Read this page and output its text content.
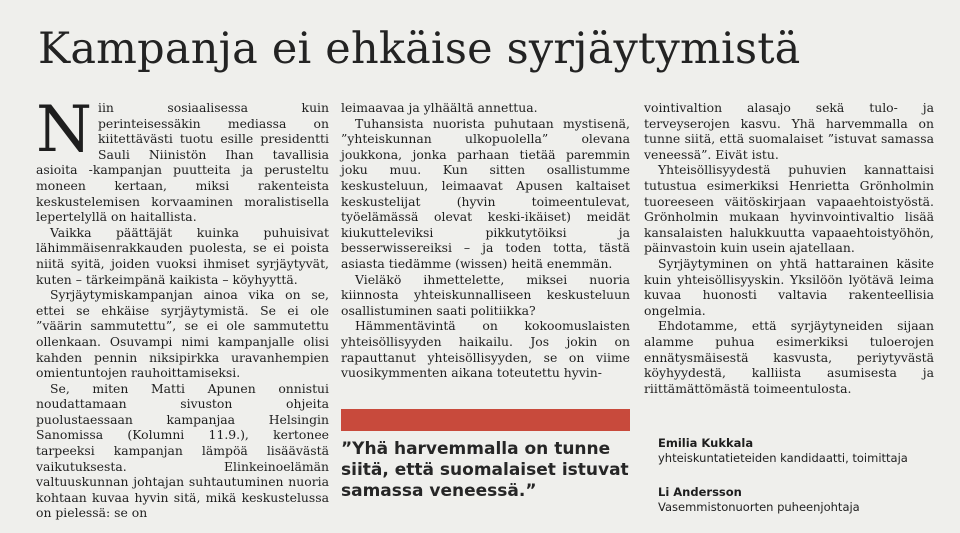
Kampanja ei ehkäise syrjäytymistä

Niin sosiaalisessa kuin perinteisessäkin mediassa on kiitettävästi tuotu esille presidentti Sauli Niinistön Ihan tavallisia asioita -kampanjan puutteita ja perusteltu moneen kertaan, miksi rakenteista keskustelemisen korvaaminen moralistisella lepertelyllä on haitallista.

Vaikka päättäjät kuinka puhuisivat lähimmäisenrakkauden puolesta, se ei poista niitä syitä, joiden vuoksi ihmiset syrjäytyvät, kuten – tärkeimpänä kaikista – köyhyyttä.

Syrjäytymiskampanjan ainoa vika on se, ettei se ehkäise syrjäytymistä. Se ei ole ”väärin sammutettu”, se ei ole sammutettu ollenkaan. Osuvampi nimi kampanjalle olisi kahden pennin niksipirkka uravanhempien omientuntojen rauhoittamiseksi.

Se, miten Matti Apunen onnistui noudattamaan sivuston ohjeita puolustaessaan kampanjaa Helsingin Sanomissa (Kolumni 11.9.), kertonee tarpeeksi kampanjan lämpöä lisäävästä vaikutuksesta. Elinkeinoelämän valtuuskunnan johtajan suhtautuminen nuoria kohtaan kuvaa hyvin sitä, mikä keskustelussa on pielessä: se on

leimaavaa ja ylhäältä annettua.

Tuhansista nuorista puhutaan mystisenä, ”yhteiskunnan ulkopuolella” olevana joukkona, jonka parhaan tietää paremmin joku muu. Kun sitten osallistumme keskusteluun, leimaavat Apusen kaltaiset keskustelijat (hyvin toimeentulevat, työelämässä olevat keski-ikäiset) meidät kiukutteleviksi pikkutytöiksi ja besserwissereiksi – ja toden totta, tästä asiasta tiedämme (wissen) heitä enemmän.

Vieläkö ihmettelette, miksei nuoria kiinnosta yhteiskunnalliseen keskusteluun osallistuminen saati politiikka?

Hämmentävintä on kokoomuslaisten yhteisöllisyyden haikailu. Jos jokin on rapauttanut yhteisöllisyyden, se on viime vuosikymmenten aikana toteutettu hyvin-

”Yhä harvemmalla on tunne siitä, että suomalaiset istuvat samassa veneessä.”

vointivaltion alasajo sekä tulo- ja terveyserojen kasvu. Yhä harvemmalla on tunne siitä, että suomalaiset ”istuvat samassa veneessä”. Eivät istu.

Yhteisöllisyydestä puhuvien kannattaisi tutustua esimerkiksi Henrietta Grönholmin tuoreeseen väitöskirjaan vapaaehtoistyöstä. Grönholmin mukaan hyvinvointivaltio lisää kansalaisten halukkuutta vapaaehtoistyöhön, päinvastoin kuin usein ajatellaan.

Syrjäytyminen on yhtä hattarainen käsite kuin yhteisöllisyyskin. Yksilöön lyötävä leima kuvaa huonosti valtavia rakenteellisia ongelmia.

Ehdotamme, että syrjäytyneiden sijaan alamme puhua esimerkiksi tuloerojen ennätysmäisestä kasvusta, periytyvästä köyhyydestä, kalliista asumisesta ja riittämättömästä toimeentulosta.

Emilia Kukkala
yhteiskuntatieteiden kandidaatti, toimittaja
Li Andersson
Vasemmistonuorten puheenjohtaja
